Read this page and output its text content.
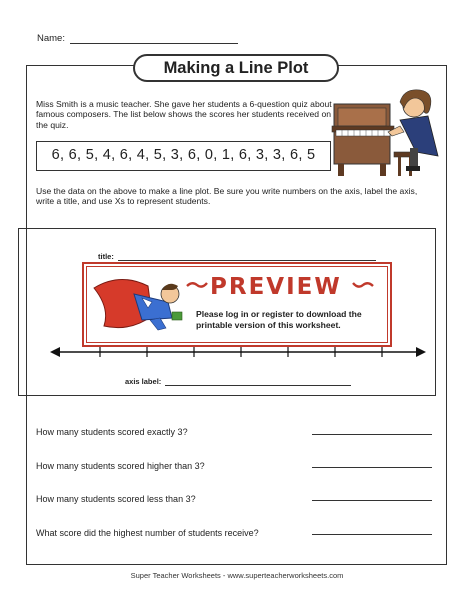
Name:
Making a Line Plot
Miss Smith is a music teacher. She gave her students a 6-question quiz about famous composers. The list below shows the scores her students received on the quiz.
6, 6, 5, 4, 6, 4, 5, 3, 6, 0, 1, 6, 3, 3, 6, 5
Use the data on the above to make a line plot. Be sure you write numbers on the axis, label the axis, write a title, and use Xs to represent students.
title:
axis label:
PREVIEW
Please log in or register to download the printable version of this worksheet.
How many students scored exactly 3?
How many students scored higher than 3?
How many students scored less than 3?
What score did the highest number of students receive?
Super Teacher Worksheets - www.superteacherworksheets.com
